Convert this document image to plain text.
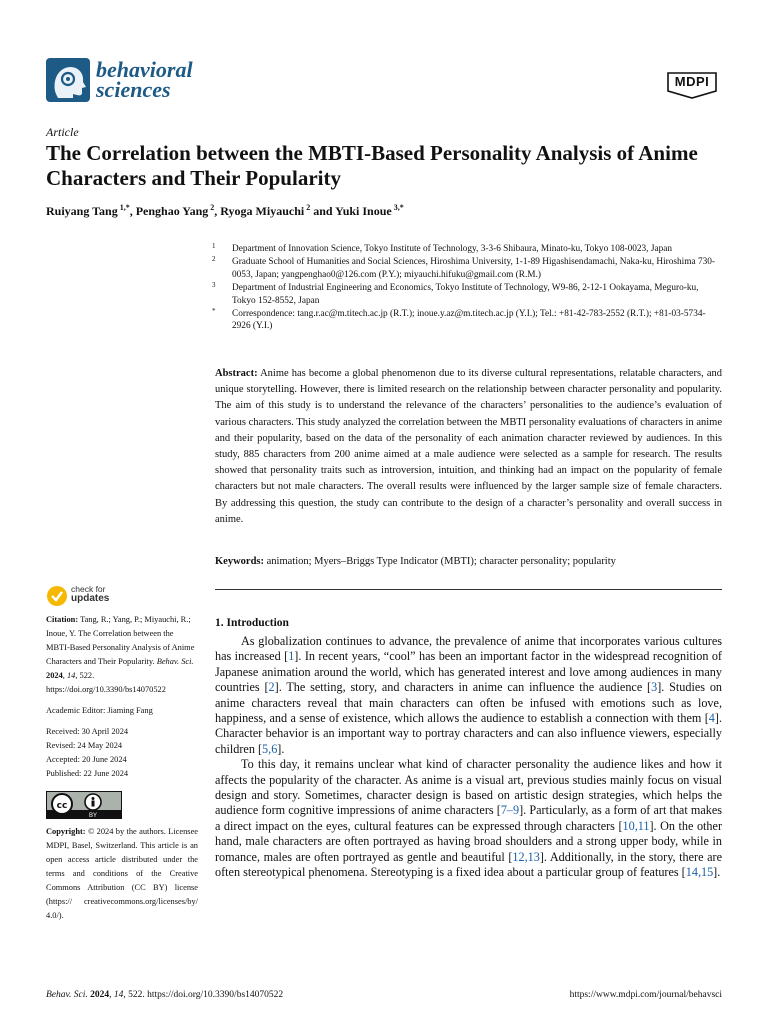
behavioral
sciences	MDPI
Article
The Correlation between the MBTI-Based Personality Analysis of Anime Characters and Their Popularity
Ruiyang Tang $^{1,*}$, Penghao Yang $^2$, Ryoga Miyauchi $^2$ and Yuki Inoue $^{3,*}$
1 Department of Innovation Science, Tokyo Institute of Technology, 3-3-6 Shibaura, Minato-ku, Tokyo 108-0023, Japan
2 Graduate School of Humanities and Social Sciences, Hiroshima University, 1-1-89 Higashisendamachi, Naka-ku, Hiroshima 730-0053, Japan; yangpenghao0@126.com (P.Y.); miyauchi.hifuku@gmail.com (R.M.)
3 Department of Industrial Engineering and Economics, Tokyo Institute of Technology, W9-86, 2-12-1 Ookayama, Meguro-ku, Tokyo 152-8552, Japan
* Correspondence: tang.r.ac@m.titech.ac.jp (R.T.); inoue.y.az@m.titech.ac.jp (Y.I.); Tel.: +81-42-783-2552 (R.T.); +81-03-5734-2926 (Y.I.)
Abstract: Anime has become a global phenomenon due to its diverse cultural representations, relatable characters, and unique storytelling. However, there is limited research on the relationship between character personality and popularity. The aim of this study is to understand the relevance of the characters’ personalities to the audience’s evaluation of various characters. This study analyzed the correlation between the MBTI personality evaluations of characters in anime and their popularity, based on the data of the personality of each animation character reviewed by audiences. In this study, 885 characters from 200 anime aimed at a male audience were selected as a sample for research. The results showed that personality traits such as introversion, intuition, and thinking had an impact on the popularity of female characters but not male characters. The overall results were influenced by the larger sample size of female characters. By addressing this question, the study can contribute to the design of a character’s personality and overall success in anime.
Keywords: animation; Myers–Briggs Type Indicator (MBTI); character personality; popularity
check for
updates

Citation: Tang, R.; Yang, P.; Miyauchi, R.; Inoue, Y. The Correlation between the MBTI-Based Personality Analysis of Anime Characters and Their Popularity. Behav. Sci. 2024, 14, 522. https://doi.org/10.3390/bs14070522

Academic Editor: Jiaming Fang

Received: 30 April 2024
Revised: 24 May 2024
Accepted: 20 June 2024
Published: 22 June 2024
cc
BY

Copyright: © 2024 by the authors. Licensee MDPI, Basel, Switzerland. This article is an open access article distributed under the terms and conditions of the Creative Commons Attribution (CC BY) license (https:// creativecommons.org/licenses/by/ 4.0/).

1. Introduction

As globalization continues to advance, the prevalence of anime that incorporates various cultures has increased [1]. In recent years, “cool” has been an important factor in the widespread recognition of Japanese animation around the world, which has generated interest and love among audiences in many countries [2]. The setting, story, and characters in anime can influence the audience [3]. Studies on anime characters reveal that main characters can often be infused with emotions such as love, happiness, and a sense of existence, which allows the audience to establish a connection with them [4]. Character behavior is an important way to portray characters and can also influence viewers, especially children [5,6].

To this day, it remains unclear what kind of character personality the audience likes and how it affects the popularity of the character. As anime is a visual art, previous studies mainly focus on visual design and story. Sometimes, character design is based on artistic design strategies, which helps the audience form cognitive impressions of anime characters [7–9]. Particularly, as a form of art that makes a direct impact on the eyes, cultural features can be expressed through characters [10,11]. On the other hand, male characters are often portrayed as having broad shoulders and a strong upper body, while in romance, males are often portrayed as gentle and beautiful [12,13]. Additionally, in the story, there are often stereotypical phenomena. Stereotyping is a fixed idea about a particular group of features [14,15].

Behav. Sci. 2024, 14, 522. https://doi.org/10.3390/bs14070522	https://www.mdpi.com/journal/behavsci
